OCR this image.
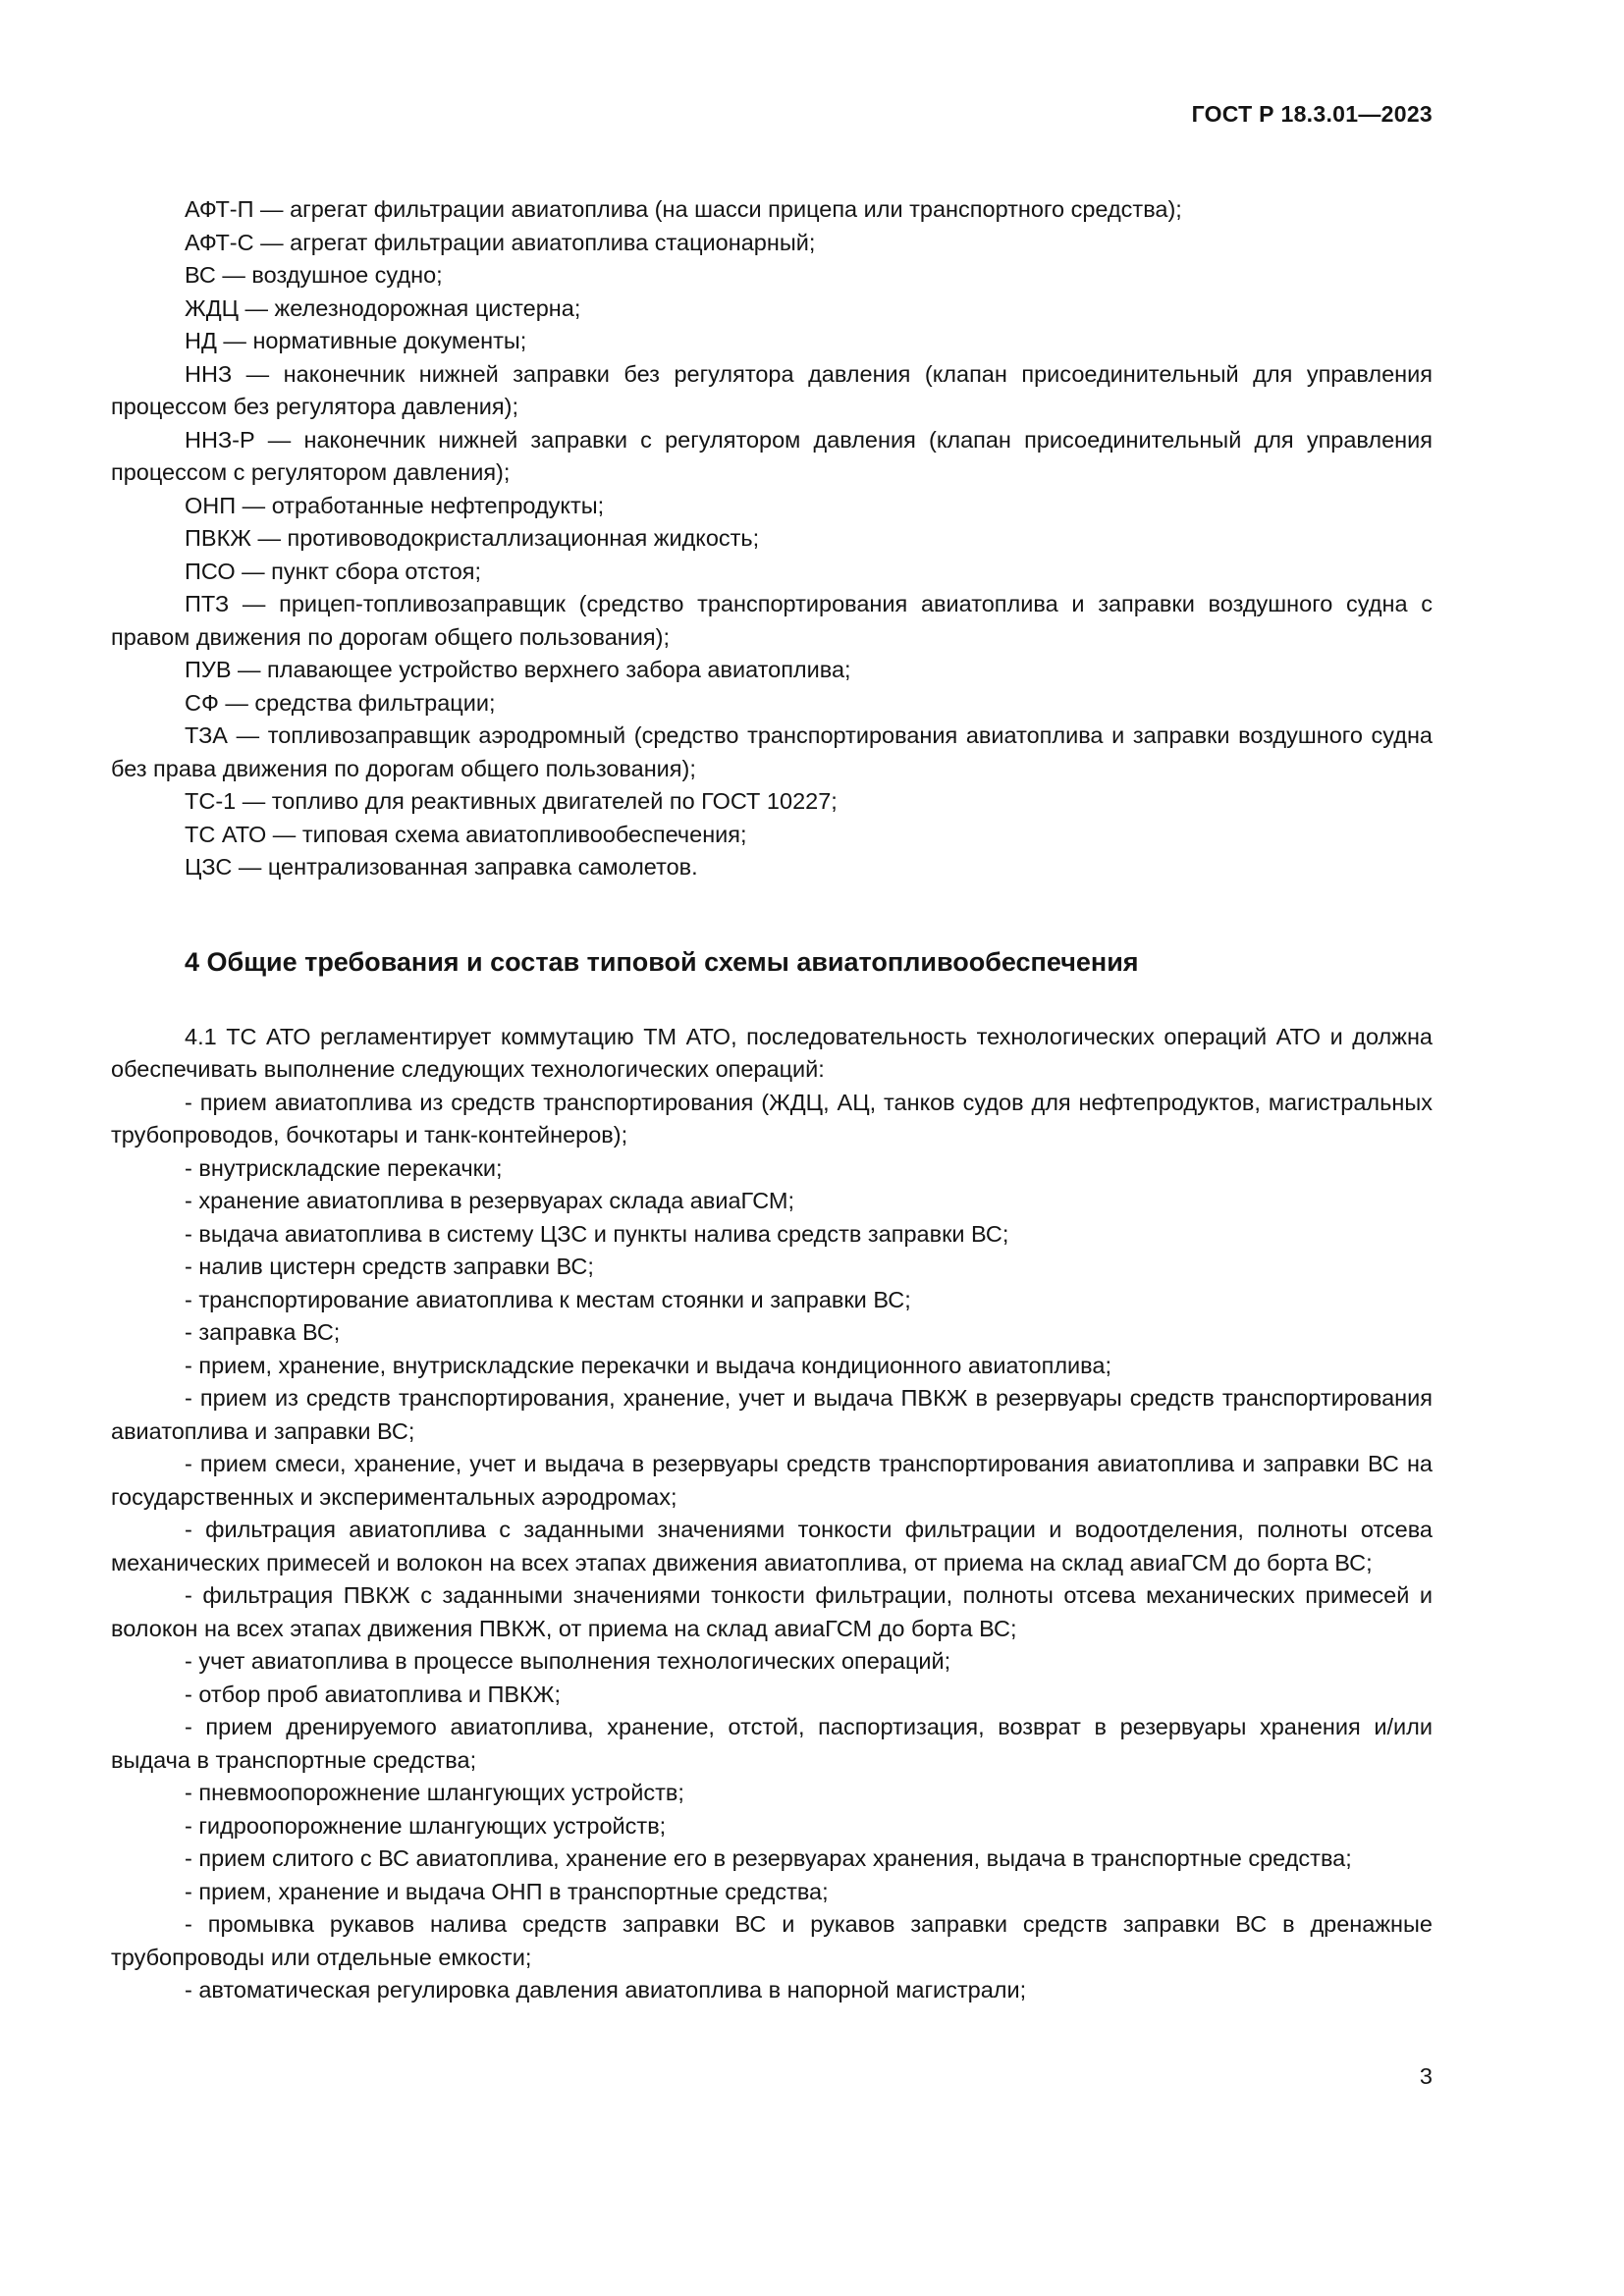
ГОСТ Р 18.3.01—2023

АФТ-П — агрегат фильтрации авиатоплива (на шасси прицепа или транспортного средства);

АФТ-С — агрегат фильтрации авиатоплива стационарный;

ВС — воздушное судно;

ЖДЦ — железнодорожная цистерна;

НД — нормативные документы;

ННЗ — наконечник нижней заправки без регулятора давления (клапан присоединительный для управления процессом без регулятора давления);

ННЗ-Р — наконечник нижней заправки с регулятором давления (клапан присоединительный для управления процессом с регулятором давления);

ОНП — отработанные нефтепродукты;

ПВКЖ — противоводокристаллизационная жидкость;

ПСО — пункт сбора отстоя;

ПТЗ — прицеп-топливозаправщик (средство транспортирования авиатоплива и заправки воздушного судна с правом движения по дорогам общего пользования);

ПУВ — плавающее устройство верхнего забора авиатоплива;

СФ — средства фильтрации;

ТЗА — топливозаправщик аэродромный (средство транспортирования авиатоплива и заправки воздушного судна без права движения по дорогам общего пользования);

ТС-1 — топливо для реактивных двигателей по ГОСТ 10227;

ТС АТО — типовая схема авиатопливообеспечения;

ЦЗС — централизованная заправка самолетов.

4 Общие требования и состав типовой схемы авиатопливообеспечения

4.1 ТС АТО регламентирует коммутацию ТМ АТО, последовательность технологических операций АТО и должна обеспечивать выполнение следующих технологических операций:

- прием авиатоплива из средств транспортирования (ЖДЦ, АЦ, танков судов для нефтепродуктов, магистральных трубопроводов, бочкотары и танк-контейнеров);

- внутрискладские перекачки;

- хранение авиатоплива в резервуарах склада авиаГСМ;

- выдача авиатоплива в систему ЦЗС и пункты налива средств заправки ВС;

- налив цистерн средств заправки ВС;

- транспортирование авиатоплива к местам стоянки и заправки ВС;

- заправка ВС;

- прием, хранение, внутрискладские перекачки и выдача кондиционного авиатоплива;

- прием из средств транспортирования, хранение, учет и выдача ПВКЖ в резервуары средств транспортирования авиатоплива и заправки ВС;

- прием смеси, хранение, учет и выдача в резервуары средств транспортирования авиатоплива и заправки ВС на государственных и экспериментальных аэродромах;

- фильтрация авиатоплива с заданными значениями тонкости фильтрации и водоотделения, полноты отсева механических примесей и волокон на всех этапах движения авиатоплива, от приема на склад авиаГСМ до борта ВС;

- фильтрация ПВКЖ с заданными значениями тонкости фильтрации, полноты отсева механических примесей и волокон на всех этапах движения ПВКЖ, от приема на склад авиаГСМ до борта ВС;

- учет авиатоплива в процессе выполнения технологических операций;

- отбор проб авиатоплива и ПВКЖ;

- прием дренируемого авиатоплива, хранение, отстой, паспортизация, возврат в резервуары хранения и/или выдача в транспортные средства;

- пневмоопорожнение шлангующих устройств;

- гидроопорожнение шлангующих устройств;

- прием слитого с ВС авиатоплива, хранение его в резервуарах хранения, выдача в транспортные средства;

- прием, хранение и выдача ОНП в транспортные средства;

- промывка рукавов налива средств заправки ВС и рукавов заправки средств заправки ВС в дренажные трубопроводы или отдельные емкости;

- автоматическая регулировка давления авиатоплива в напорной магистрали;

3
